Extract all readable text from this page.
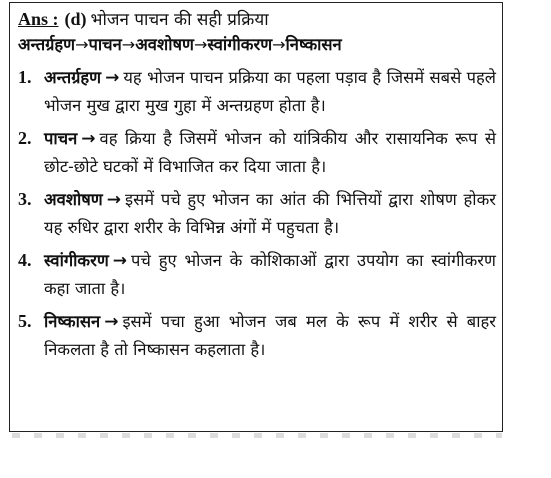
Ans : (d) भोजन पाचन की सही प्रक्रिया
अन्तर्ग्रहण→पाचन→अवशोषण→स्वांगीकरण→निष्कासन
1. अन्तर्ग्रहण → यह भोजन पाचन प्रक्रिया का पहला पड़ाव है जिसमें सबसे पहले भोजन मुख द्वारा मुख गुहा में अन्तग्रहण होता है।
2. पाचन → वह क्रिया है जिसमें भोजन को यांत्रिकीय और रासायनिक रूप से छोट-छोटे घटकों में विभाजित कर दिया जाता है।
3. अवशोषण → इसमें पचे हुए भोजन का आंत की भित्तियों द्वारा शोषण होकर यह रुधिर द्वारा शरीर के विभिन्न अंगों में पहुचता है।
4. स्वांगीकरण → पचे हुए भोजन के कोशिकाओं द्वारा उपयोग का स्वांगीकरण कहा जाता है।
5. निष्कासन → इसमें पचा हुआ भोजन जब मल के रूप में शरीर से बाहर निकलता है तो निष्कासन कहलाता है।
